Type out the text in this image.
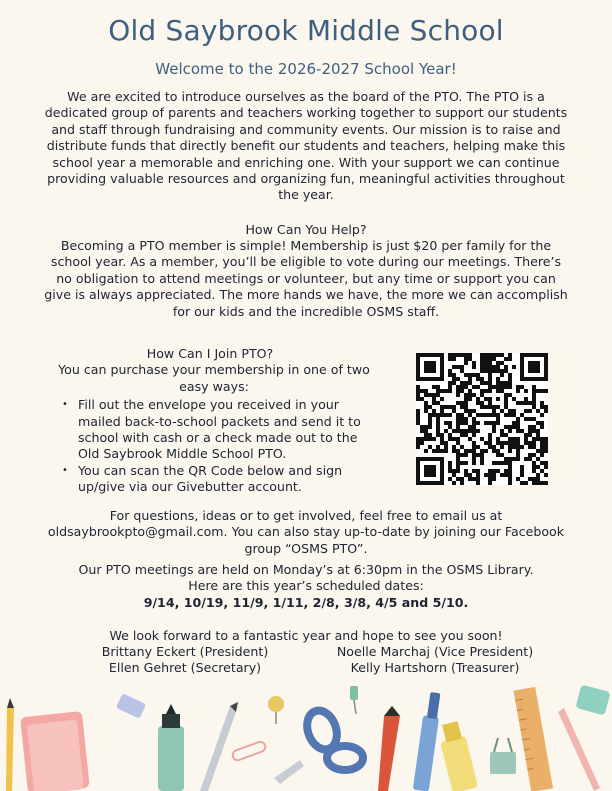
Old Saybrook Middle School
Welcome to the 2026-2027 School Year!
We are excited to introduce ourselves as the board of the PTO. The PTO is a dedicated group of parents and teachers working together to support our students and staff through fundraising and community events. Our mission is to raise and distribute funds that directly benefit our students and teachers, helping make this school year a memorable and enriching one. With your support we can continue providing valuable resources and organizing fun, meaningful activities throughout the year.
How Can You Help?
Becoming a PTO member is simple! Membership is just $20 per family for the school year. As a member, you’ll be eligible to vote during our meetings. There’s no obligation to attend meetings or volunteer, but any time or support you can give is always appreciated. The more hands we have, the more we can accomplish for our kids and the incredible OSMS staff.
How Can I Join PTO?
You can purchase your membership in one of two easy ways:
• Fill out the envelope you received in your mailed back-to-school packets and send it to school with cash or a check made out to the Old Saybrook Middle School PTO.
• You can scan the QR Code below and sign up/give via our Givebutter account.
For questions, ideas or to get involved, feel free to email us at oldsaybrookpto@gmail.com. You can also stay up-to-date by joining our Facebook group “OSMS PTO”.
Our PTO meetings are held on Monday’s at 6:30pm in the OSMS Library.
Here are this year’s scheduled dates:
9/14, 10/19, 11/9, 1/11, 2/8, 3/8, 4/5 and 5/10.
We look forward to a fantastic year and hope to see you soon!
Brittany Eckert (President)	Noelle Marchaj (Vice President)
Ellen Gehret (Secretary)	Kelly Hartshorn (Treasurer)
